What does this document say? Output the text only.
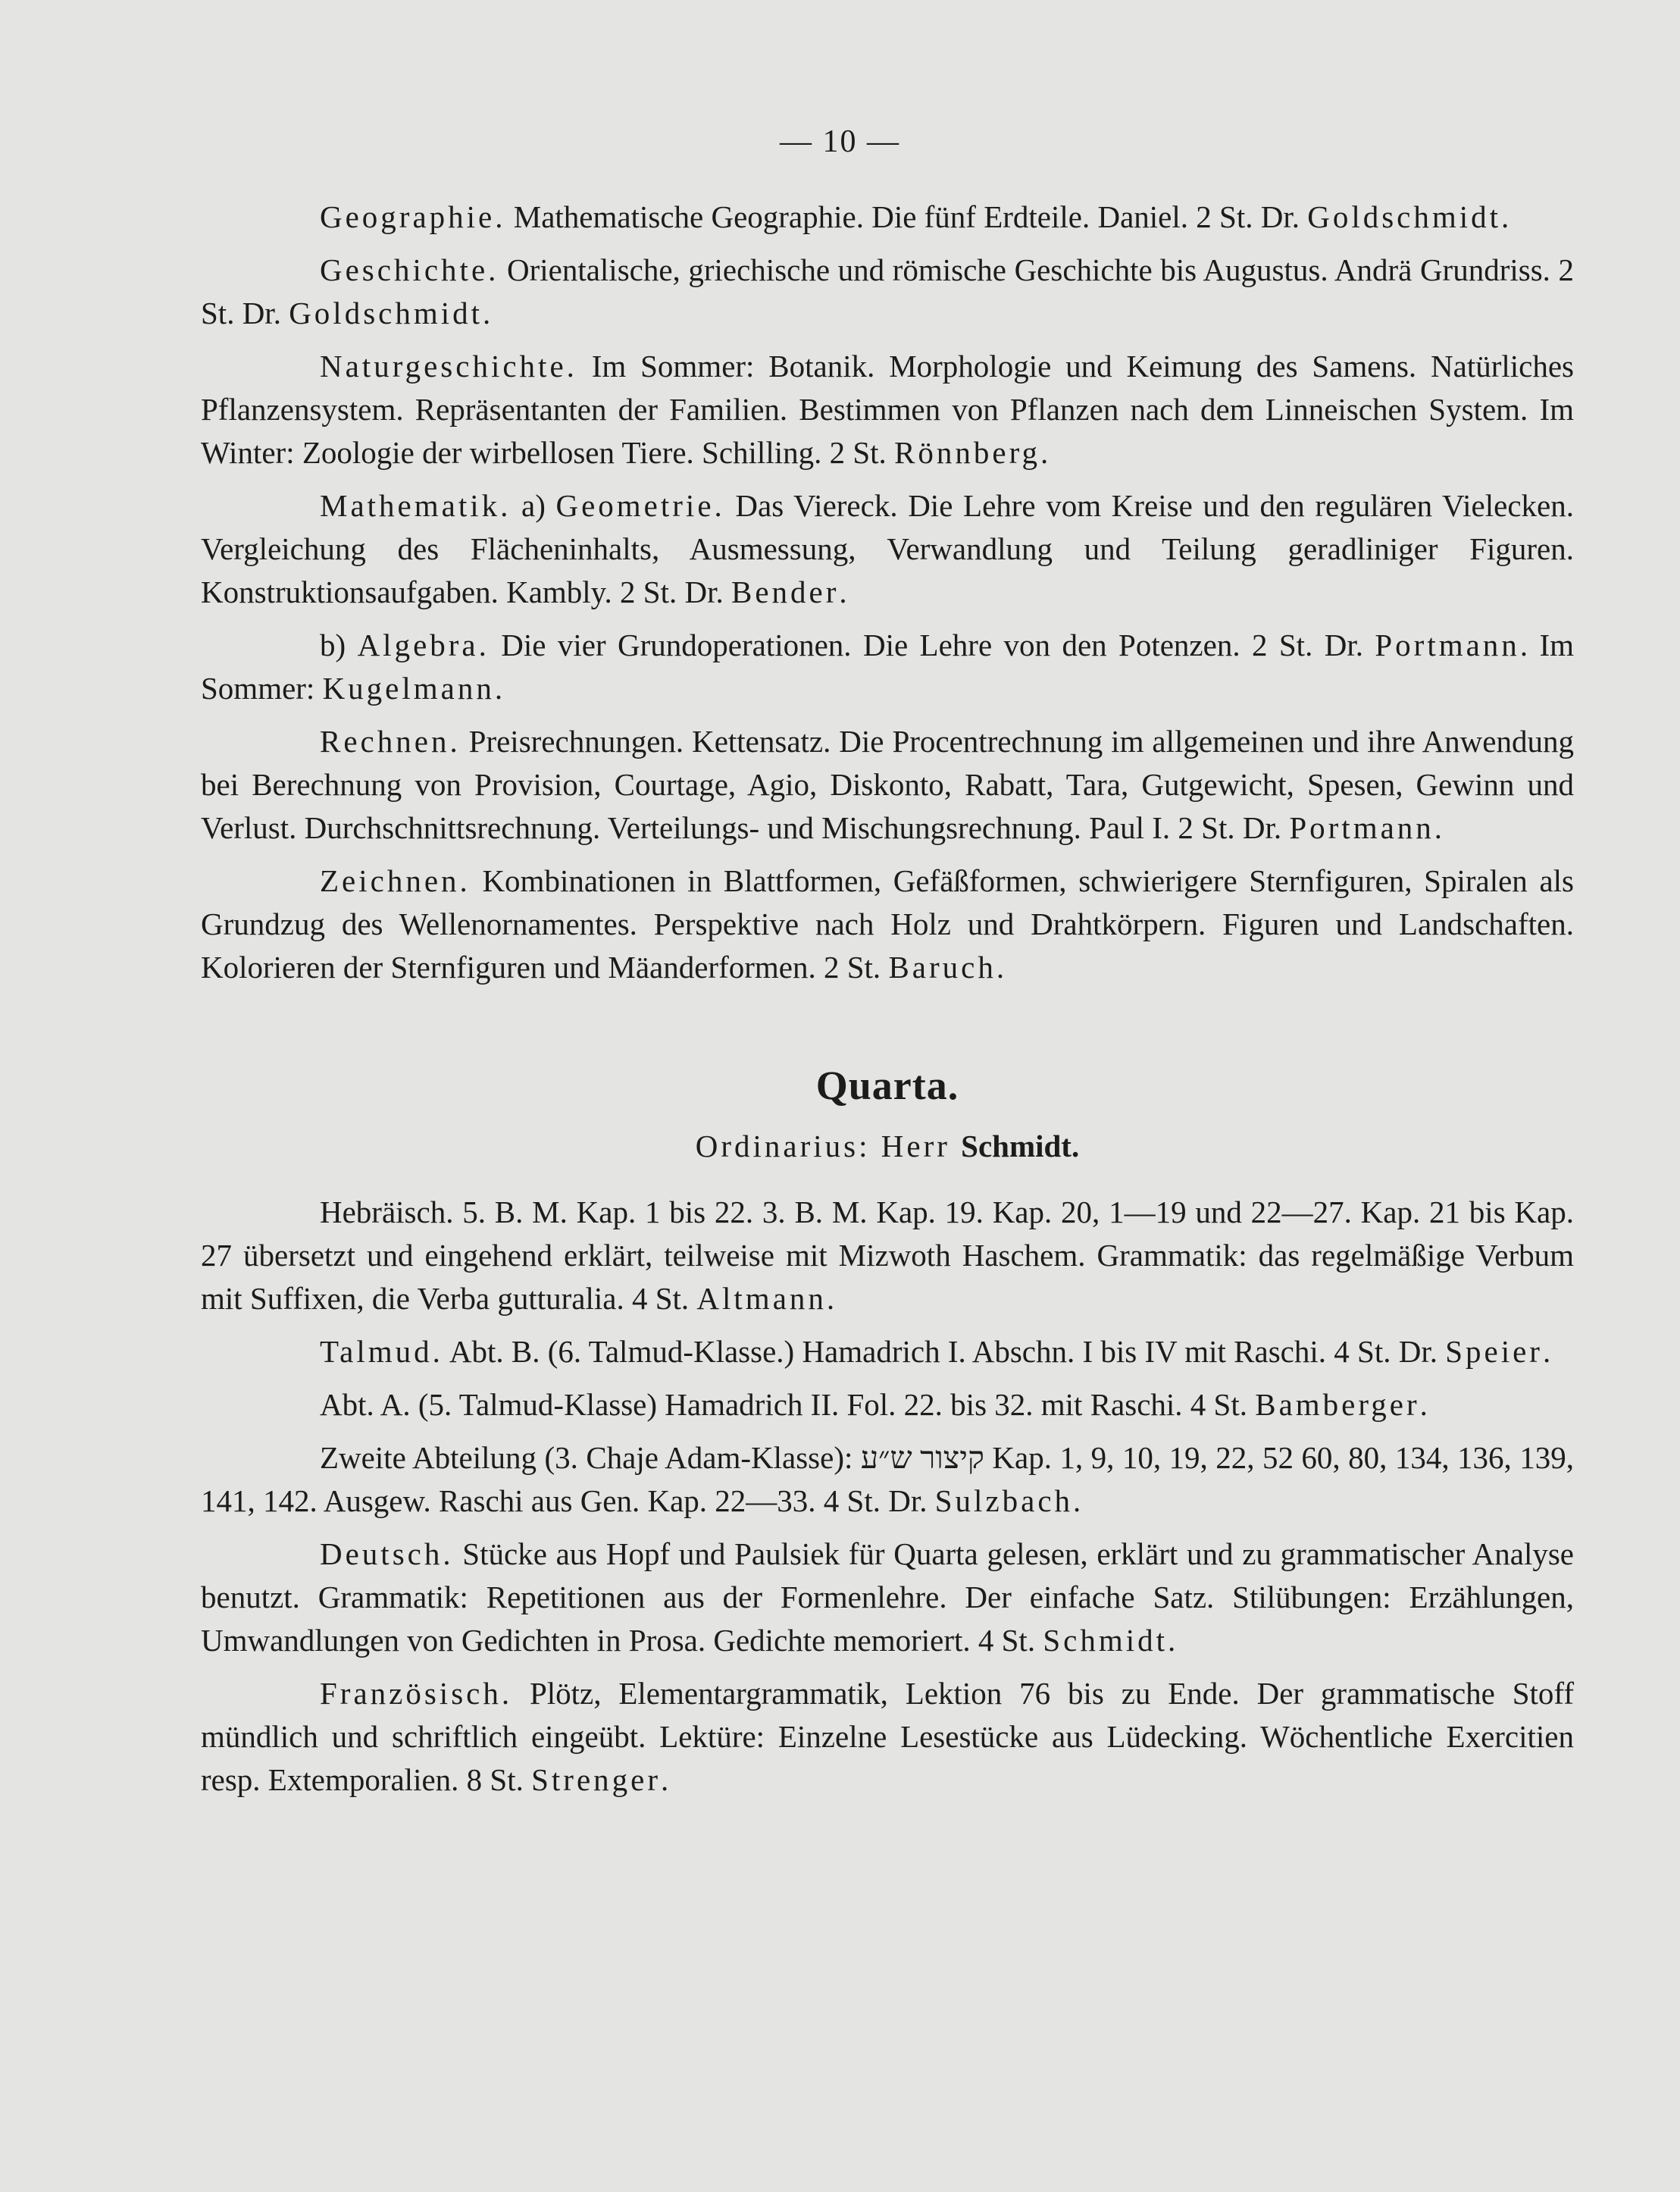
— 10 —

Geographie. Mathematische Geographie. Die fünf Erdteile. Daniel. 2 St. Dr. Goldschmidt.

Geschichte. Orientalische, griechische und römische Geschichte bis Augustus. Andrä Grundriss. 2 St. Dr. Goldschmidt.

Naturgeschichte. Im Sommer: Botanik. Morphologie und Keimung des Samens. Natürliches Pflanzensystem. Repräsentanten der Familien. Bestimmen von Pflanzen nach dem Linneischen System. Im Winter: Zoologie der wirbellosen Tiere. Schilling. 2 St. Rönnberg.

Mathematik. a) Geometrie. Das Viereck. Die Lehre vom Kreise und den regulären Vielecken. Vergleichung des Flächeninhalts, Ausmessung, Verwandlung und Teilung geradliniger Figuren. Konstruktionsaufgaben. Kambly. 2 St. Dr. Bender.

b) Algebra. Die vier Grundoperationen. Die Lehre von den Potenzen. 2 St. Dr. Portmann. Im Sommer: Kugelmann.

Rechnen. Preisrechnungen. Kettensatz. Die Procentrechnung im allgemeinen und ihre Anwendung bei Berechnung von Provision, Courtage, Agio, Diskonto, Rabatt, Tara, Gutgewicht, Spesen, Gewinn und Verlust. Durchschnittsrechnung. Verteilungs- und Mischungsrechnung. Paul I. 2 St. Dr. Portmann.

Zeichnen. Kombinationen in Blattformen, Gefäßformen, schwierigere Sternfiguren, Spiralen als Grundzug des Wellenornamentes. Perspektive nach Holz und Drahtkörpern. Figuren und Landschaften. Kolorieren der Sternfiguren und Mäanderformen. 2 St. Baruch.

Quarta.
Ordinarius: Herr Schmidt.

Hebräisch. 5. B. M. Kap. 1 bis 22. 3. B. M. Kap. 19. Kap. 20, 1—19 und 22—27. Kap. 21 bis Kap. 27 übersetzt und eingehend erklärt, teilweise mit Mizwoth Haschem. Grammatik: das regelmäßige Verbum mit Suffixen, die Verba gutturalia. 4 St. Altmann.

Talmud. Abt. B. (6. Talmud-Klasse.) Hamadrich I. Abschn. I bis IV mit Raschi. 4 St. Dr. Speier.

Abt. A. (5. Talmud-Klasse) Hamadrich II. Fol. 22. bis 32. mit Raschi. 4 St. Bamberger.

Zweite Abteilung (3. Chaje Adam-Klasse): קיצור ש״ע Kap. 1, 9, 10, 19, 22, 52 60, 80, 134, 136, 139, 141, 142. Ausgew. Raschi aus Gen. Kap. 22—33. 4 St. Dr. Sulzbach.

Deutsch. Stücke aus Hopf und Paulsiek für Quarta gelesen, erklärt und zu grammatischer Analyse benutzt. Grammatik: Repetitionen aus der Formenlehre. Der einfache Satz. Stilübungen: Erzählungen, Umwandlungen von Gedichten in Prosa. Gedichte memoriert. 4 St. Schmidt.

Französisch. Plötz, Elementargrammatik, Lektion 76 bis zu Ende. Der grammatische Stoff mündlich und schriftlich eingeübt. Lektüre: Einzelne Lesestücke aus Lüdecking. Wöchentliche Exercitien resp. Extemporalien. 8 St. Strenger.
